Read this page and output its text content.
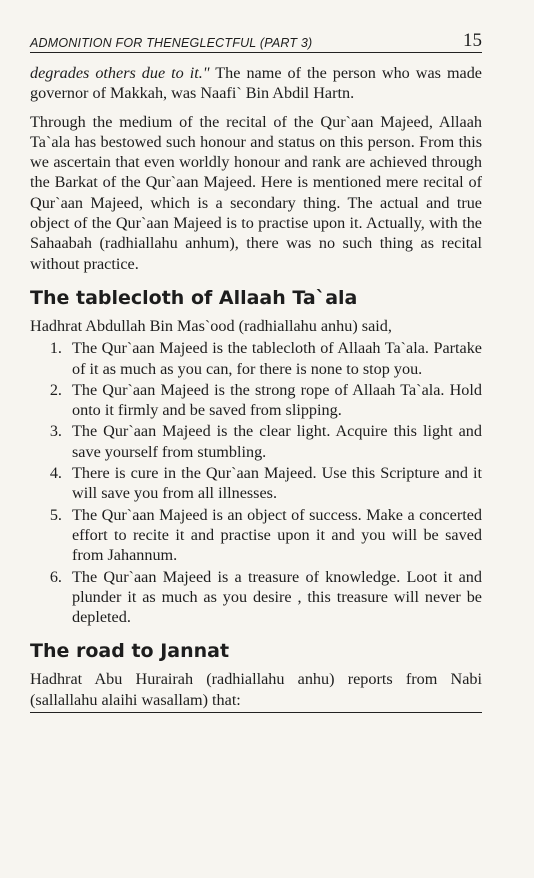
ADMONITION FOR THENEGLECTFUL (PART 3)	15

degrades others due to it." The name of the person who was made governor of Makkah, was Naafi` Bin Abdil Hartn.

Through the medium of the recital of the Qur`aan Majeed, Allaah Ta`ala has bestowed such honour and status on this person. From this we ascertain that even worldly honour and rank are achieved through the Barkat of the Qur`aan Majeed. Here is mentioned mere recital of Qur`aan Majeed, which is a secondary thing. The actual and true object of the Qur`aan Majeed is to practise upon it. Actually, with the Sahaabah (radhiallahu anhum), there was no such thing as recital without practice.

The tablecloth of Allaah Ta`ala

Hadhrat Abdullah Bin Mas`ood (radhiallahu anhu) said,

1. The Qur`aan Majeed is the tablecloth of Allaah Ta`ala. Partake of it as much as you can, for there is none to stop you.
2. The Qur`aan Majeed is the strong rope of Allaah Ta`ala. Hold onto it firmly and be saved from slipping.
3. The Qur`aan Majeed is the clear light. Acquire this light and save yourself from stumbling.
4. There is cure in the Qur`aan Majeed. Use this Scripture and it will save you from all illnesses.
5. The Qur`aan Majeed is an object of success. Make a concerted effort to recite it and practise upon it and you will be saved from Jahannum.
6. The Qur`aan Majeed is a treasure of knowledge. Loot it and plunder it as much as you desire , this treasure will never be depleted.
The road to Jannat

Hadhrat Abu Hurairah (radhiallahu anhu) reports from Nabi (sallallahu alaihi wasallam) that:
